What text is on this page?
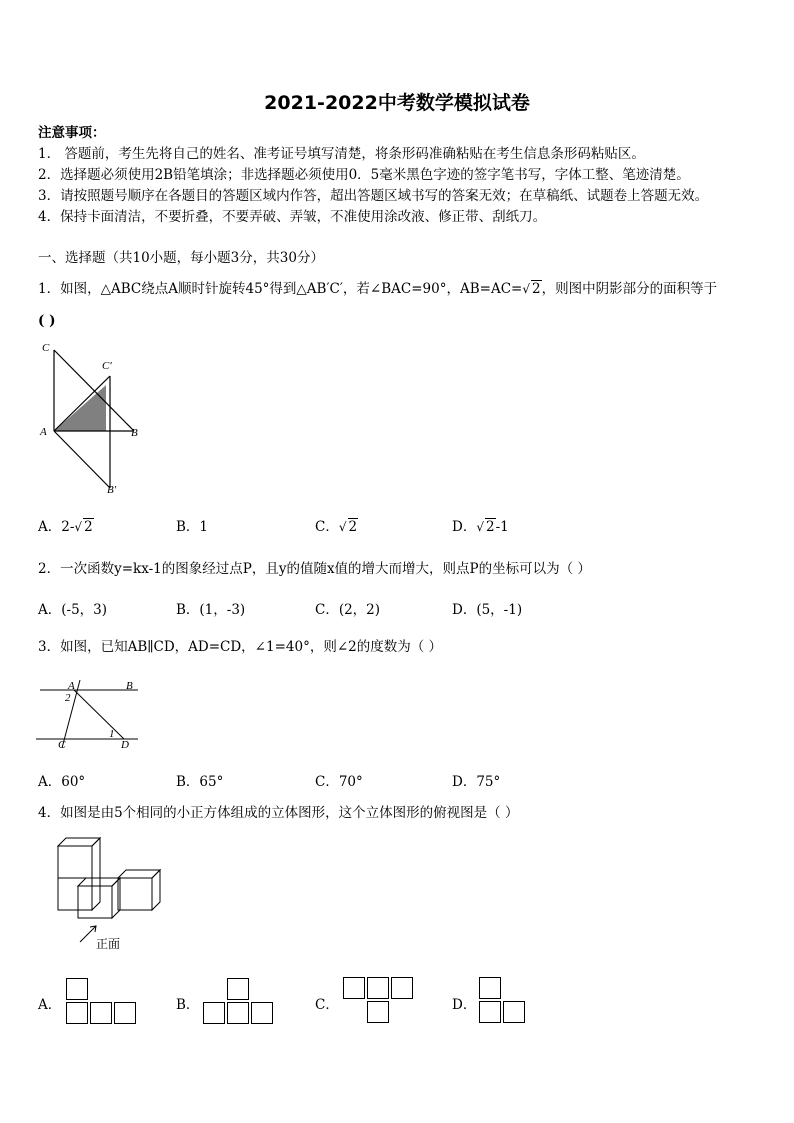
2021-2022中考数学模拟试卷
注意事项：
1． 答题前，考生先将自己的姓名、准考证号填写清楚，将条形码准确粘贴在考生信息条形码粘贴区。
2．选择题必须使用2B铅笔填涂；非选择题必须使用0．5毫米黑色字迹的签字笔书写，字体工整、笔迹清楚。
3．请按照题号顺序在各题目的答题区域内作答，超出答题区域书写的答案无效；在草稿纸、试题卷上答题无效。
4．保持卡面清洁，不要折叠，不要弄破、弄皱，不准使用涂改液、修正带、刮纸刀。
一、选择题（共10小题，每小题3分，共30分）
1．如图，△ABC绕点A顺时针旋转45°得到△AB′C′，若∠BAC=90°，AB=AC=√ 2，则图中阴影部分的面积等于
( )
C
C′
A	B
B′
A．2-√ 2	B．1	C．√ 2	D．√ 2-1
2．一次函数y=kx-1的图象经过点P，且y的值随x值的增大而增大，则点P的坐标可以为（ ）
A．(-5，3)	B．(1，-3)	C．(2，2)	D．(5，-1)
3．如图，已知AB∥CD，AD=CD，∠1=40°，则∠2的度数为（ ）
A	B
2
1
C	D
A．60°	B．65°	C．70°	D．75°
4．如图是由5个相同的小正方体组成的立体图形，这个立体图形的俯视图是（ ）
正面
A．	B．	C．	D．
